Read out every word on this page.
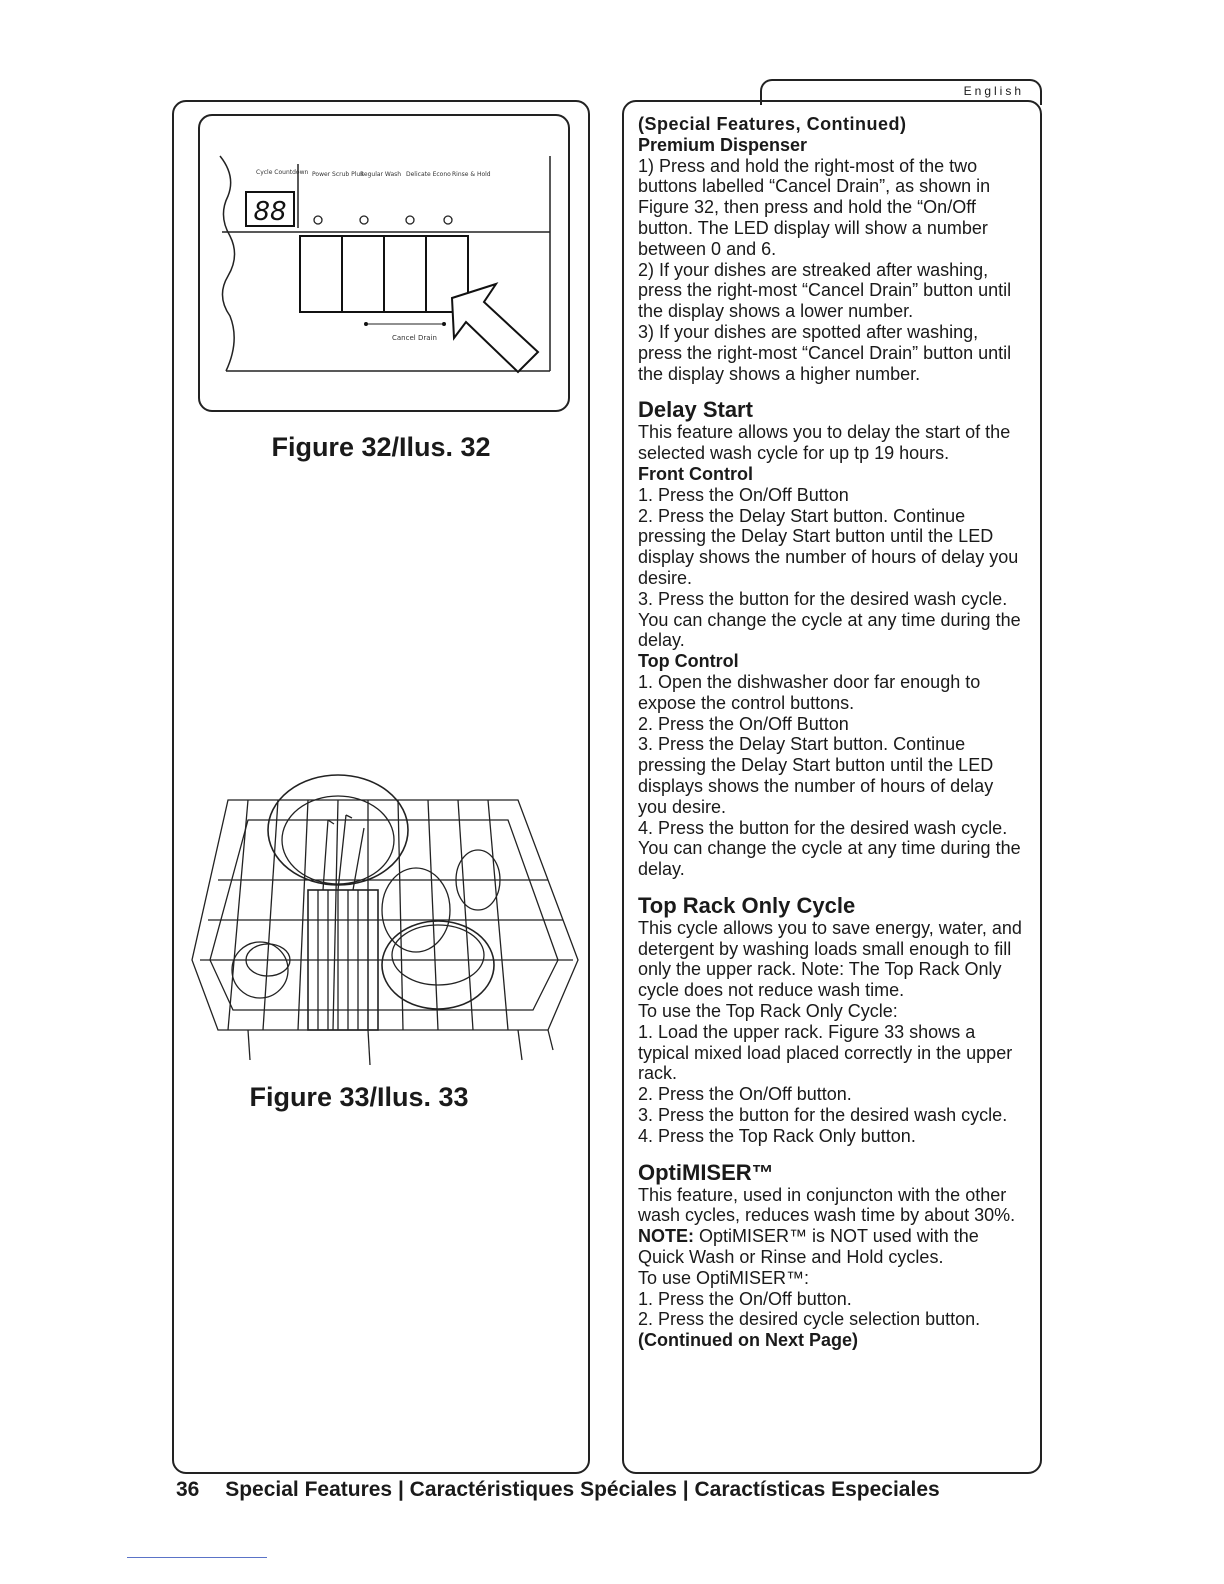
English
88
Cycle Countdown Power Scrub Plus
Regular Wash Delicate Econo Rinse & Hold
Cancel Drain
Figure 32/Ilus. 32
Figure 33/Ilus. 33

(Special Features, Continued)

Premium Dispenser

1) Press and hold the right-most of the two buttons labelled “Cancel Drain”, as shown in Figure 32, then press and hold the “On/Off button. The LED display will show a number between 0 and 6.

2) If your dishes are streaked after washing, press the right-most “Cancel Drain” button until the display shows a lower number.

3) If your dishes are spotted after washing, press the right-most “Cancel Drain” button until the display shows a higher number.

Delay Start

This feature allows you to delay the start of the selected wash cycle for up tp 19 hours.

Front Control

1. Press the On/Off Button

2. Press the Delay Start button. Continue pressing the Delay Start button until the LED display shows the number of hours of delay you desire.

3. Press the button for the desired wash cycle. You can change the cycle at any time during the delay.

Top Control

1. Open the dishwasher door far enough to expose the control buttons.

2. Press the On/Off Button

3. Press the Delay Start button. Continue pressing the Delay Start button until the LED displays shows the number of hours of delay you desire.

4. Press the button for the desired wash cycle. You can change the cycle at any time during the delay.

Top Rack Only Cycle

This cycle allows you to save energy, water, and detergent by washing loads small enough to fill only the upper rack. Note: The Top Rack Only cycle does not reduce wash time.

To use the Top Rack Only Cycle:

1. Load the upper rack. Figure 33 shows a typical mixed load placed correctly in the upper rack.

2. Press the On/Off button.

3. Press the button for the desired wash cycle.

4. Press the Top Rack Only button.

OptiMISER™

This feature, used in conjuncton with the other wash cycles, reduces wash time by about 30%. NOTE: OptiMISER™ is NOT used with the Quick Wash or Rinse and Hold cycles.

To use OptiMISER™:

1. Press the On/Off button.

2. Press the desired cycle selection button.

(Continued on Next Page)

36 Special Features | Caractéristiques Spéciales | Caractísticas Especiales
